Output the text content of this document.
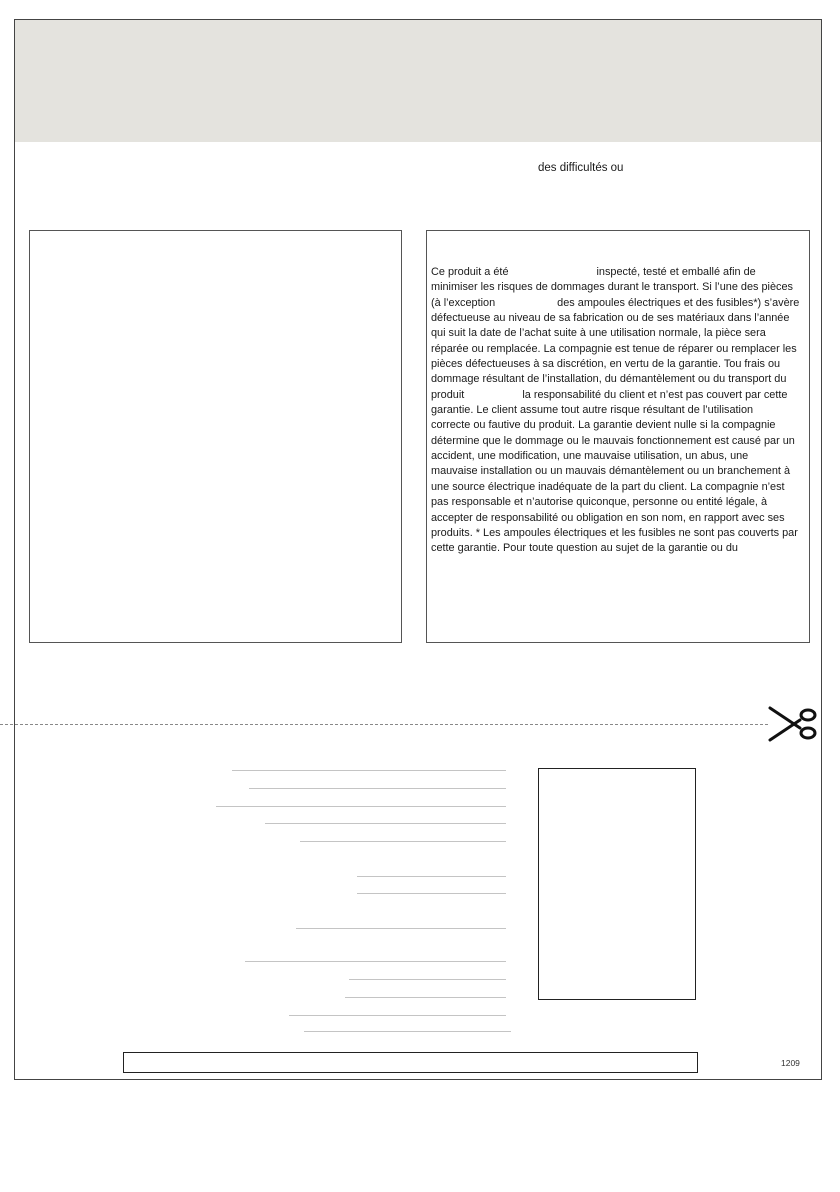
des difficultés ou
Ce produit a été	inspecté, testé et emballé afin de
minimiser les risques de dommages durant le transport. Si l’une des pièces
(à l’exception	des ampoules électriques et des fusibles*) s’avère
défectueuse au niveau de sa fabrication ou de ses matériaux dans l’année
qui suit la date de l’achat suite à une utilisation normale, la pièce sera
réparée ou remplacée. La compagnie est tenue de réparer ou remplacer les
pièces défectueuses à sa discrétion, en vertu de la garantie. Tou frais ou
dommage résultant de l’installation, du démantèlement ou du transport du
produit	la responsabilité du client et n’est pas couvert par cette
garantie. Le client assume tout autre risque résultant de l’utilisation
correcte ou fautive du produit. La garantie devient nulle si la compagnie
détermine que le dommage ou le mauvais fonctionnement est causé par un
accident, une modification, une mauvaise utilisation, un abus, une
mauvaise installation ou un mauvais démantèlement ou un branchement à
une source électrique inadéquate de la part du client. La compagnie n’est
pas responsable et n’autorise quiconque, personne ou entité légale, à
accepter de responsabilité ou obligation en son nom, en rapport avec ses
produits. * Les ampoules électriques et les fusibles ne sont pas couverts par
cette garantie. Pour toute question au sujet de la garantie ou du
1209
